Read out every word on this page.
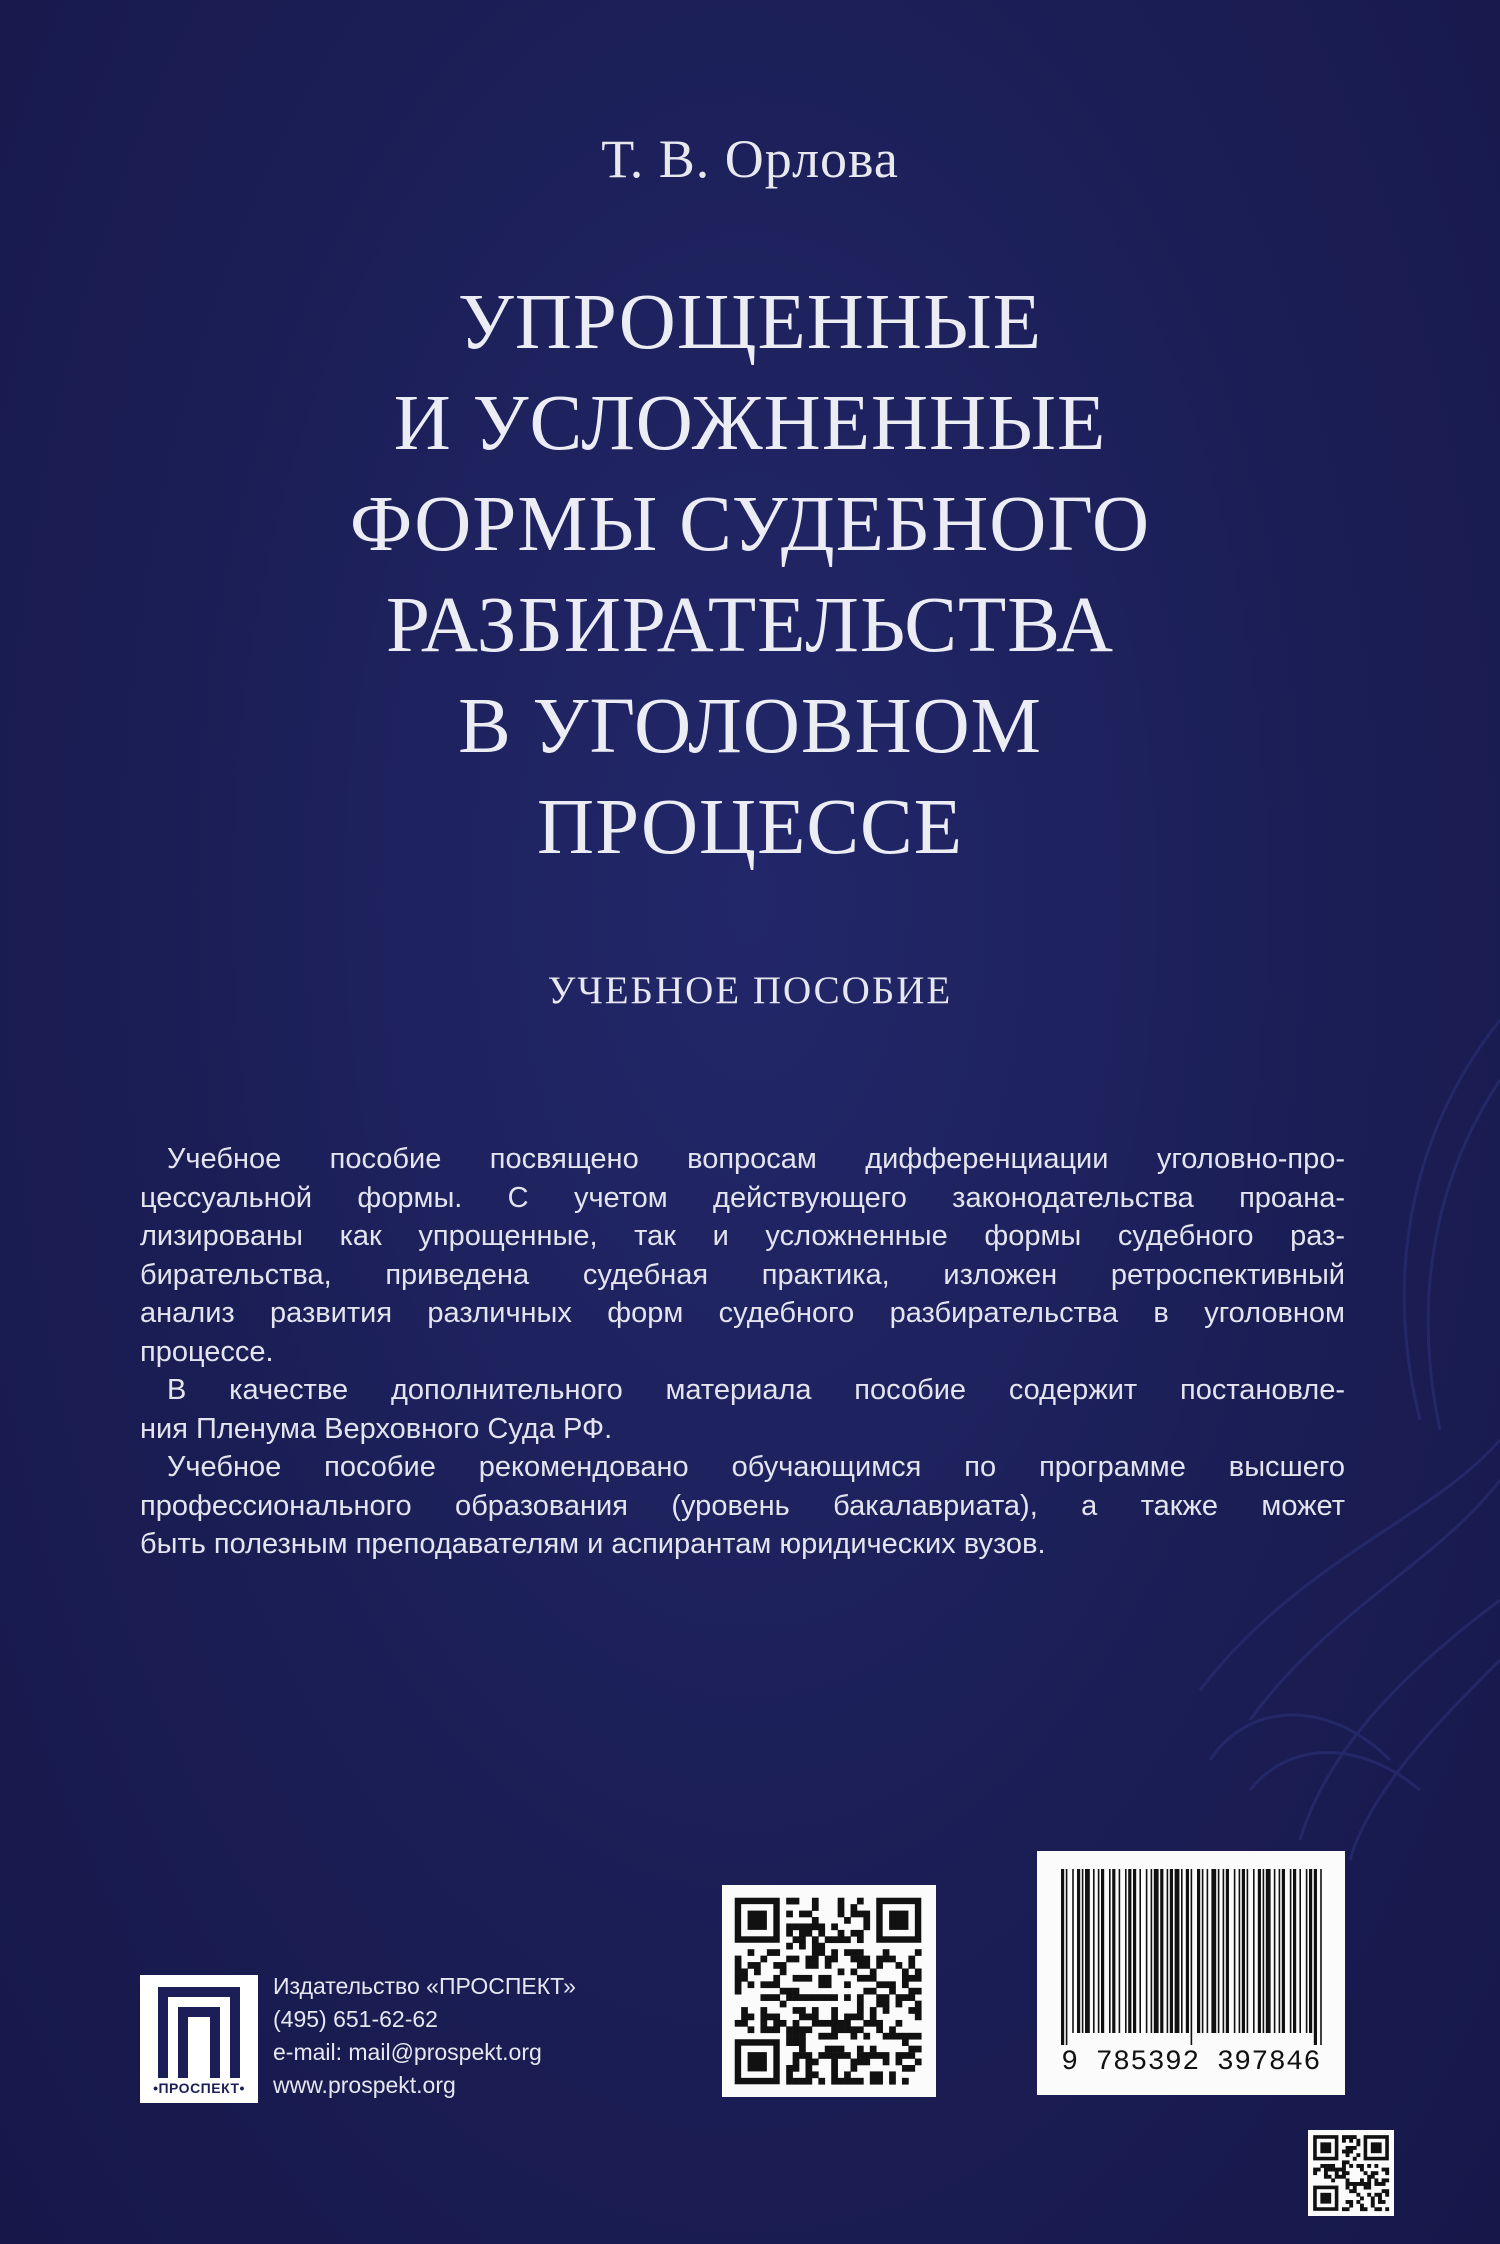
Т. В. Орлова
УПРОЩЕННЫЕ
И УСЛОЖНЕННЫЕ
ФОРМЫ СУДЕБНОГО
РАЗБИРАТЕЛЬСТВА
В УГОЛОВНОМ
ПРОЦЕССЕ
УЧЕБНОЕ ПОСОБИЕ
Учебное пособие посвящено вопросам дифференциации уголовно-про-
цессуальной формы. С учетом действующего законодательства проана-
лизированы как упрощенные, так и усложненные формы судебного раз-
бирательства, приведена судебная практика, изложен ретроспективный
анализ развития различных форм судебного разбирательства в уголовном
процессе.
В качестве дополнительного материала пособие содержит постановле-
ния Пленума Верховного Суда РФ.
Учебное пособие рекомендовано обучающимся по программе высшего
профессионального образования (уровень бакалавриата), а также может
быть полезным преподавателям и аспирантам юридических вузов.
•ПРОСПЕКТ•
Издательство «ПРОСПЕКТ»
(495) 651-62-62
e-mail: mail@prospekt.org
www.prospekt.org
9 785392 397846
